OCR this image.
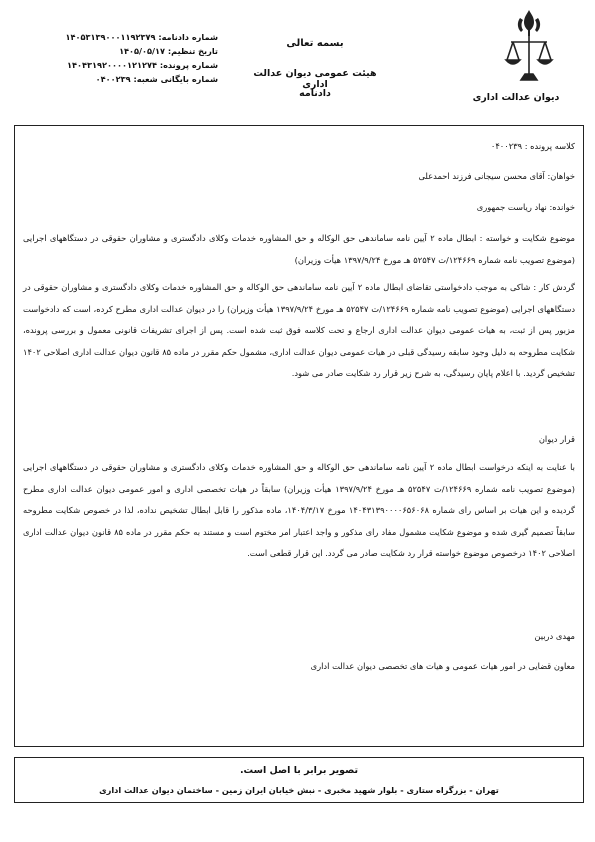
دیوان عدالت اداری
بسمه تعالی
هیئت عمومی دیوان عدالت اداری
دادنامه
شماره دادنامه: ۱۴۰۵۳۱۳۹۰۰۰۱۱۹۲۳۷۹
تاریخ تنظیم: ۱۴۰۵/۰۵/۱۷
شماره پرونده: ۱۴۰۴۳۱۹۲۰۰۰۰۱۲۱۲۷۴
شماره بایگانی شعبه: ۰۴۰۰۲۳۹
کلاسه پرونده : ۰۴۰۰۲۳۹
خواهان: آقای محسن سیجانی فرزند احمدعلی
خوانده: نهاد ریاست جمهوری
موضوع شکایت و خواسته : ابطال ماده ۲ آیین نامه ساماندهی حق الوکاله و حق المشاوره خدمات وکلای دادگستری و مشاوران حقوقی در دستگاههای اجرایی (موضوع تصویب نامه شماره ۱۲۴۶۶۹/ت ۵۲۵۴۷ هـ مورخ ۱۳۹۷/۹/۲۴ هیأت وزیران)
گردش کار : شاکی به موجب دادخواستی تقاضای ابطال ماده ۲ آیین نامه ساماندهی حق الوکاله و حق المشاوره خدمات وکلای دادگستری و مشاوران حقوقی در دستگاههای اجرایی (موضوع تصویب نامه شماره ۱۲۴۶۶۹/ت ۵۲۵۴۷ هـ مورخ ۱۳۹۷/۹/۲۴ هیأت وزیران) را در دیوان عدالت اداری مطرح کرده، است که دادخواست مزبور پس از ثبت، به هیات عمومی دیوان عدالت اداری ارجاع و تحت کلاسه فوق ثبت شده است. پس از اجرای تشریفات قانونی معمول و بررسی پرونده، شکایت مطروحه به دلیل وجود سابقه رسیدگی قبلی در هیات عمومی دیوان عدالت اداری، مشمول حکم مقرر در ماده ۸۵ قانون دیوان عدالت اداری اصلاحی ۱۴۰۲ تشخیص گردید. با اعلام پایان رسیدگی، به شرح زیر قرار رد شکایت صادر می شود.
قرار دیوان
با عنایت به اینکه درخواست ابطال ماده ۲ آیین نامه ساماندهی حق الوکاله و حق المشاوره خدمات وکلای دادگستری و مشاوران حقوقی در دستگاههای اجرایی (موضوع تصویب نامه شماره ۱۲۴۶۶۹/ت ۵۲۵۴۷ هـ مورخ ۱۳۹۷/۹/۲۴ هیأت وزیران) سابقاً در هیات تخصصی اداری و امور عمومی دیوان عدالت اداری مطرح گردیده و این هیات بر اساس رای شماره ۱۴۰۴۳۱۳۹۰۰۰۰۶۵۶۰۶۸ مورخ ۱۴۰۴/۳/۱۷، ماده مذکور را قابل ابطال تشخیص نداده، لذا در خصوص شکایت مطروحه سابقاً تصمیم گیری شده و موضوع شکایت مشمول مفاد رای مذکور و واجد اعتبار امر مختوم است و مستند به حکم مقرر در ماده ۸۵ قانون دیوان عدالت اداری اصلاحی ۱۴۰۲ درخصوص موضوع خواسته قرار رد شکایت صادر می گردد. این قرار قطعی است.
مهدی دربین
معاون قضایی در امور هیات عمومی و هیات های تخصصی دیوان عدالت اداری
تصویر برابر با اصل است.
تهران - بزرگراه ستاری - بلوار شهید مخبری - نبش خیابان ایران زمین - ساختمان دیوان عدالت اداری
